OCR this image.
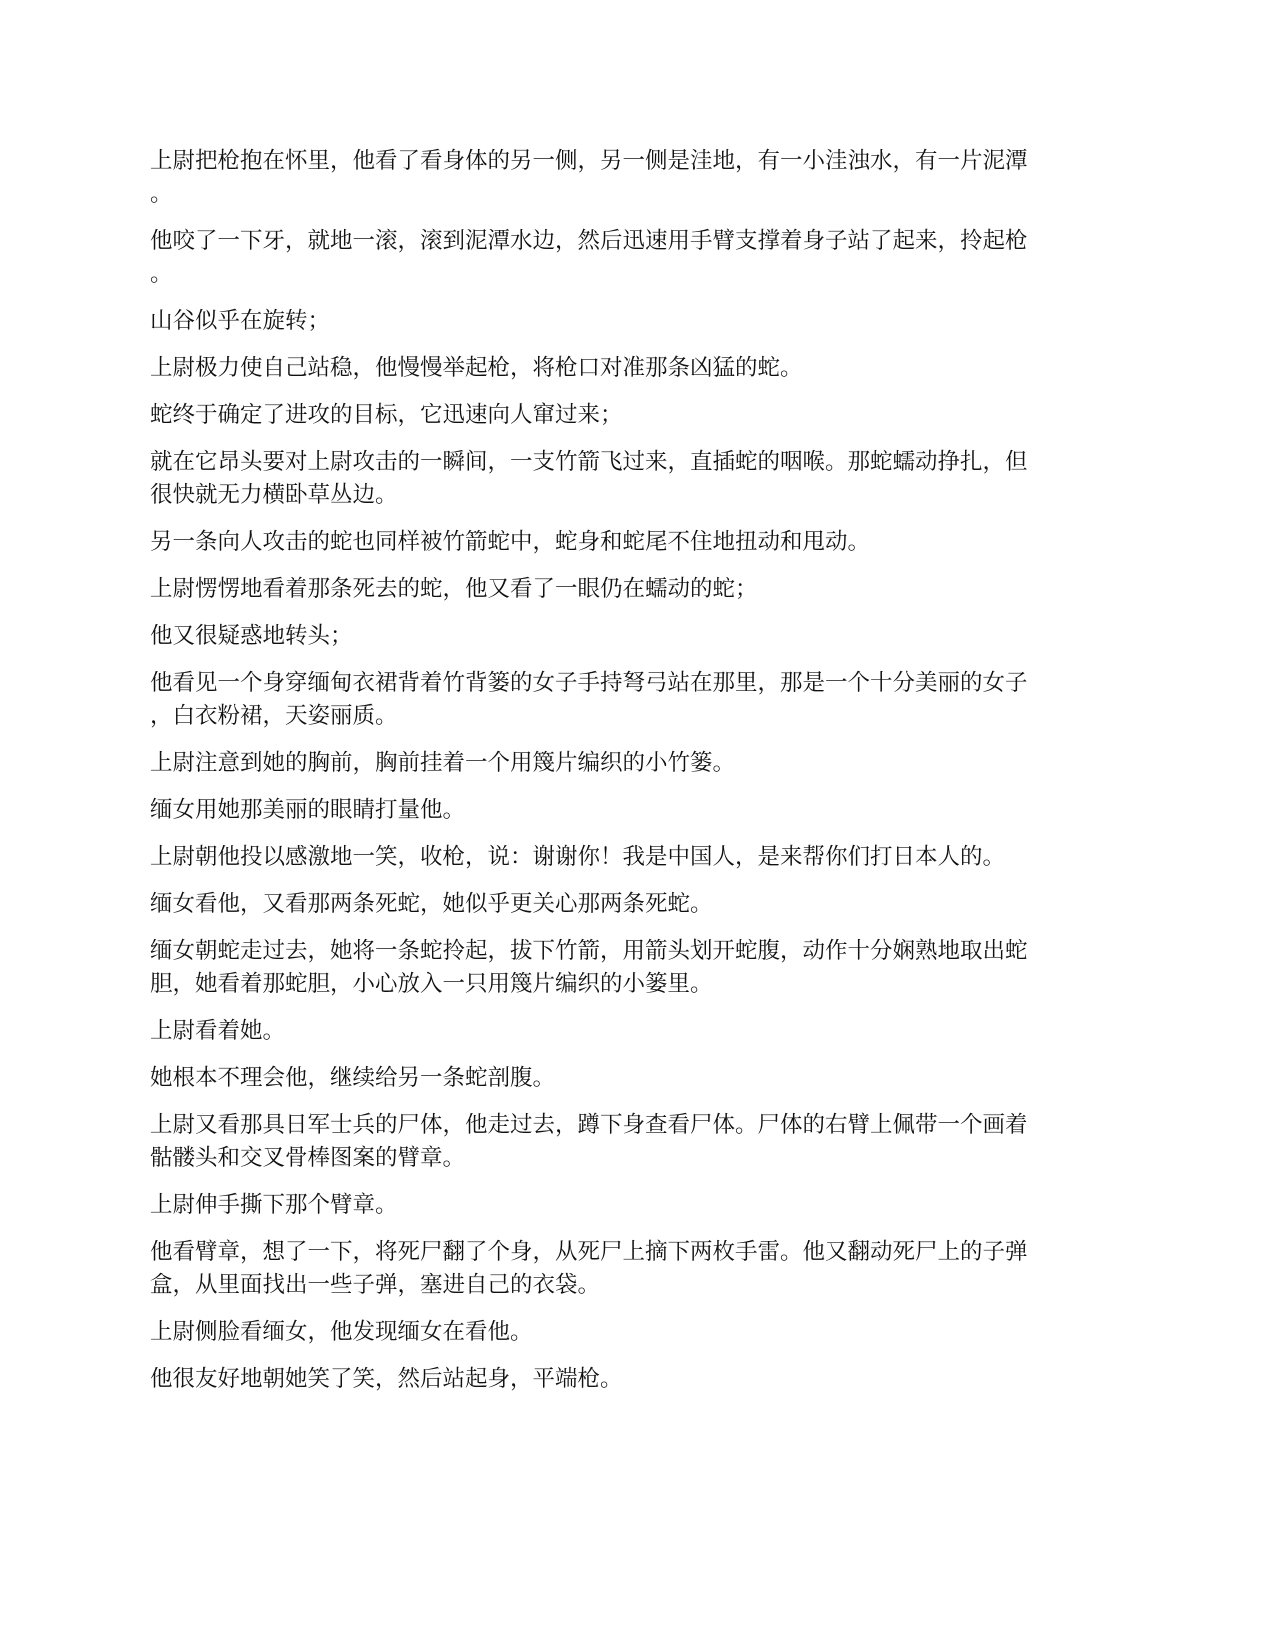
上尉把枪抱在怀里，他看了看身体的另一侧，另一侧是洼地，有一小洼浊水，有一片泥潭
。

他咬了一下牙，就地一滚，滚到泥潭水边，然后迅速用手臂支撑着身子站了起来，拎起枪
。

山谷似乎在旋转；

上尉极力使自己站稳，他慢慢举起枪，将枪口对准那条凶猛的蛇。

蛇终于确定了进攻的目标，它迅速向人窜过来；

就在它昂头要对上尉攻击的一瞬间，一支竹箭飞过来，直插蛇的咽喉。那蛇蠕动挣扎，但
很快就无力横卧草丛边。

另一条向人攻击的蛇也同样被竹箭蛇中，蛇身和蛇尾不住地扭动和甩动。

上尉愣愣地看着那条死去的蛇，他又看了一眼仍在蠕动的蛇；

他又很疑惑地转头；

他看见一个身穿缅甸衣裙背着竹背篓的女子手持弩弓站在那里，那是一个十分美丽的女子
，白衣粉裙，天姿丽质。

上尉注意到她的胸前，胸前挂着一个用篾片编织的小竹篓。

缅女用她那美丽的眼睛打量他。

上尉朝他投以感激地一笑，收枪，说：谢谢你！我是中国人，是来帮你们打日本人的。

缅女看他，又看那两条死蛇，她似乎更关心那两条死蛇。

缅女朝蛇走过去，她将一条蛇拎起，拔下竹箭，用箭头划开蛇腹，动作十分娴熟地取出蛇
胆，她看着那蛇胆，小心放入一只用篾片编织的小篓里。

上尉看着她。

她根本不理会他，继续给另一条蛇剖腹。

上尉又看那具日军士兵的尸体，他走过去，蹲下身查看尸体。尸体的右臂上佩带一个画着
骷髅头和交叉骨棒图案的臂章。

上尉伸手撕下那个臂章。

他看臂章，想了一下，将死尸翻了个身，从死尸上摘下两枚手雷。他又翻动死尸上的子弹
盒，从里面找出一些子弹，塞进自己的衣袋。

上尉侧脸看缅女，他发现缅女在看他。

他很友好地朝她笑了笑，然后站起身，平端枪。
